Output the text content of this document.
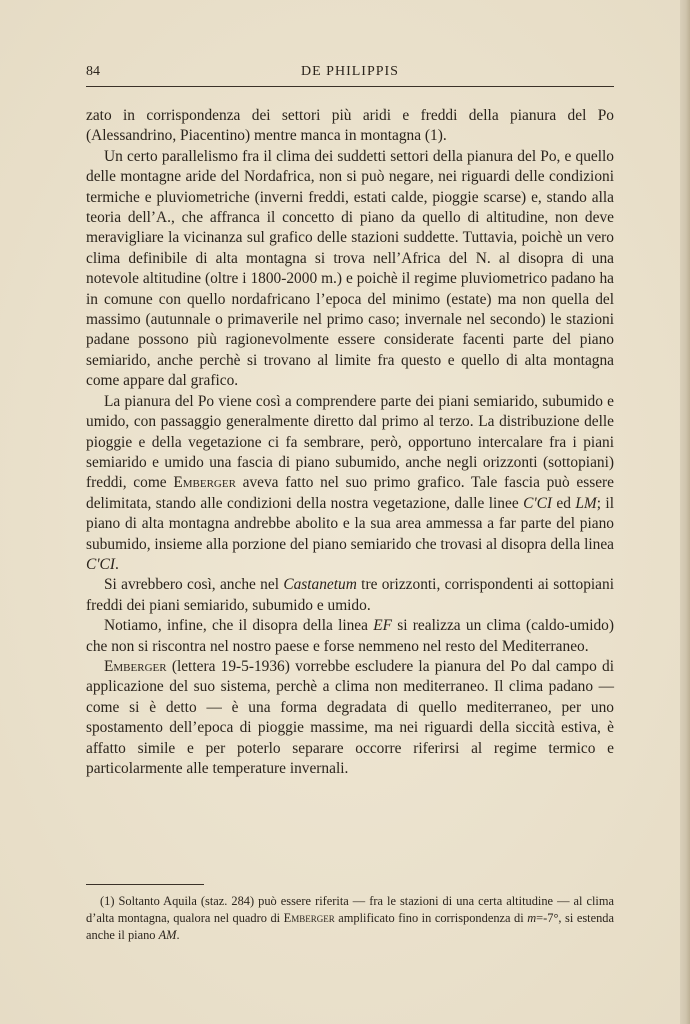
84	DE PHILIPPIS

zato in corrispondenza dei settori più aridi e freddi della pianura del Po (Alessandrino, Piacentino) mentre manca in montagna (1).

Un certo parallelismo fra il clima dei suddetti settori della pianura del Po, e quello delle montagne aride del Nordafrica, non si può negare, nei riguardi delle condizioni termiche e pluviometriche (inverni freddi, estati calde, pioggie scarse) e, stando alla teoria dell’A., che affranca il concetto di piano da quello di altitudine, non deve meravigliare la vicinanza sul grafico delle stazioni suddette. Tuttavia, poichè un vero clima definibile di alta montagna si trova nell’Africa del N. al disopra di una notevole altitudine (oltre i 1800-2000 m.) e poichè il regime pluviometrico padano ha in comune con quello nordafricano l’epoca del minimo (estate) ma non quella del massimo (autunnale o primaverile nel primo caso; invernale nel secondo) le stazioni padane possono più ragionevolmente essere considerate facenti parte del piano semiarido, anche perchè si trovano al limite fra questo e quello di alta montagna come appare dal grafico.

La pianura del Po viene così a comprendere parte dei piani semiarido, subumido e umido, con passaggio generalmente diretto dal primo al terzo. La distribuzione delle pioggie e della vegetazione ci fa sembrare, però, opportuno intercalare fra i piani semiarido e umido una fascia di piano subumido, anche negli orizzonti (sottopiani) freddi, come Emberger aveva fatto nel suo primo grafico. Tale fascia può essere delimitata, stando alle condizioni della nostra vegetazione, dalle linee C'CI ed LM; il piano di alta montagna andrebbe abolito e la sua area ammessa a far parte del piano subumido, insieme alla porzione del piano semiarido che trovasi al disopra della linea C'CI.

Si avrebbero così, anche nel Castanetum tre orizzonti, corrispondenti ai sottopiani freddi dei piani semiarido, subumido e umido.

Notiamo, infine, che il disopra della linea EF si realizza un clima (caldo-umido) che non si riscontra nel nostro paese e forse nemmeno nel resto del Mediterraneo.

Emberger (lettera 19-5-1936) vorrebbe escludere la pianura del Po dal campo di applicazione del suo sistema, perchè a clima non mediterraneo. Il clima padano — come si è detto — è una forma degradata di quello mediterraneo, per uno spostamento dell’epoca di pioggie massime, ma nei riguardi della siccità estiva, è affatto simile e per poterlo separare occorre riferirsi al regime termico e particolarmente alle temperature invernali.

(1) Soltanto Aquila (staz. 284) può essere riferita — fra le stazioni di una certa altitudine — al clima d’alta montagna, qualora nel quadro di Emberger amplificato fino in corrispondenza di m=-7°, si estenda anche il piano AM.
